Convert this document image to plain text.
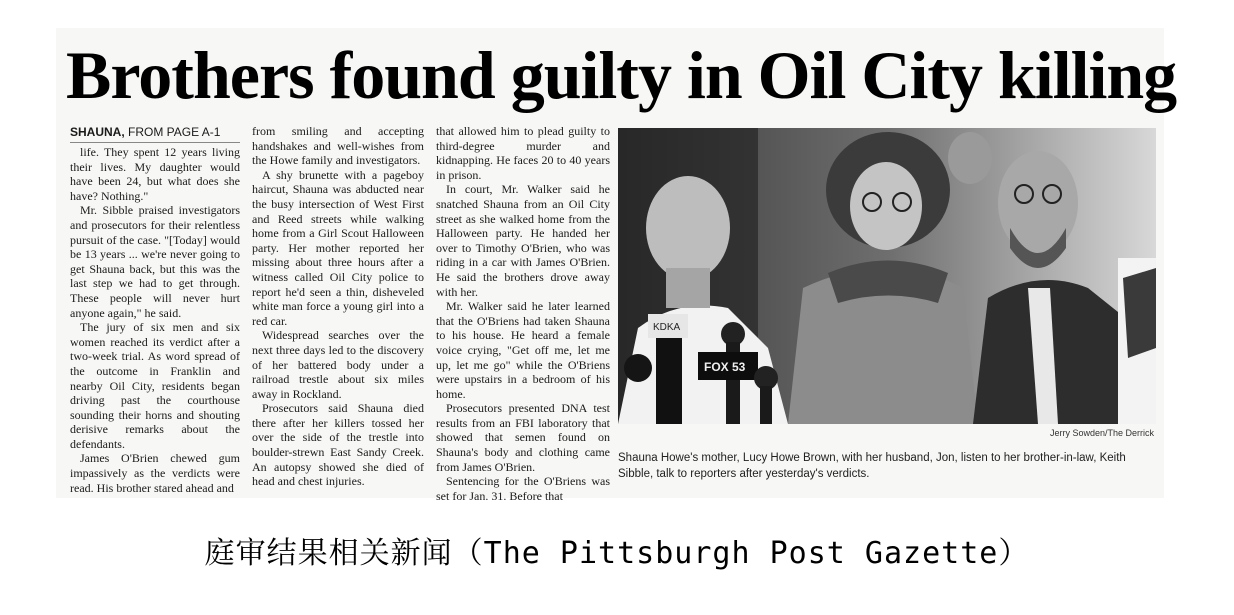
Brothers found guilty in Oil City killing
SHAUNA, FROM PAGE A-1

life. They spent 12 years living their lives. My daughter would have been 24, but what does she have? Nothing."

Mr. Sibble praised investigators and prosecutors for their relentless pursuit of the case. "[Today] would be 13 years ... we're never going to get Shauna back, but this was the last step we had to get through. These people will never hurt anyone again," he said.

The jury of six men and six women reached its verdict after a two-week trial. As word spread of the outcome in Franklin and nearby Oil City, residents began driving past the courthouse sounding their horns and shouting derisive remarks about the defendants.

James O'Brien chewed gum impassively as the verdicts were read. His brother stared ahead and

from smiling and accepting handshakes and well-wishes from the Howe family and investigators.

A shy brunette with a pageboy haircut, Shauna was abducted near the busy intersection of West First and Reed streets while walking home from a Girl Scout Halloween party. Her mother reported her missing about three hours after a witness called Oil City police to report he'd seen a thin, disheveled white man force a young girl into a red car.

Widespread searches over the next three days led to the discovery of her battered body under a railroad trestle about six miles away in Rockland.

Prosecutors said Shauna died there after her killers tossed her over the side of the trestle into boulder-strewn East Sandy Creek. An autopsy showed she died of head and chest injuries.

that allowed him to plead guilty to third-degree murder and kidnapping. He faces 20 to 40 years in prison.

In court, Mr. Walker said he snatched Shauna from an Oil City street as she walked home from the Halloween party. He handed her over to Timothy O'Brien, who was riding in a car with James O'Brien. He said the brothers drove away with her.

Mr. Walker said he later learned that the O'Briens had taken Shauna to his house. He heard a female voice crying, "Get off me, let me up, let me go" while the O'Briens were upstairs in a bedroom of his home.

Prosecutors presented DNA test results from an FBI laboratory that showed that semen found on Shauna's body and clothing came from James O'Brien.

Sentencing for the O'Briens was set for Jan. 31. Before that

KDKA
FOX 53
Jerry Sowden/The Derrick
Shauna Howe's mother, Lucy Howe Brown, with her husband, Jon, listen to her brother-in-law, Keith Sibble, talk to reporters after yesterday's verdicts.
庭审结果相关新闻（The Pittsburgh Post Gazette）
